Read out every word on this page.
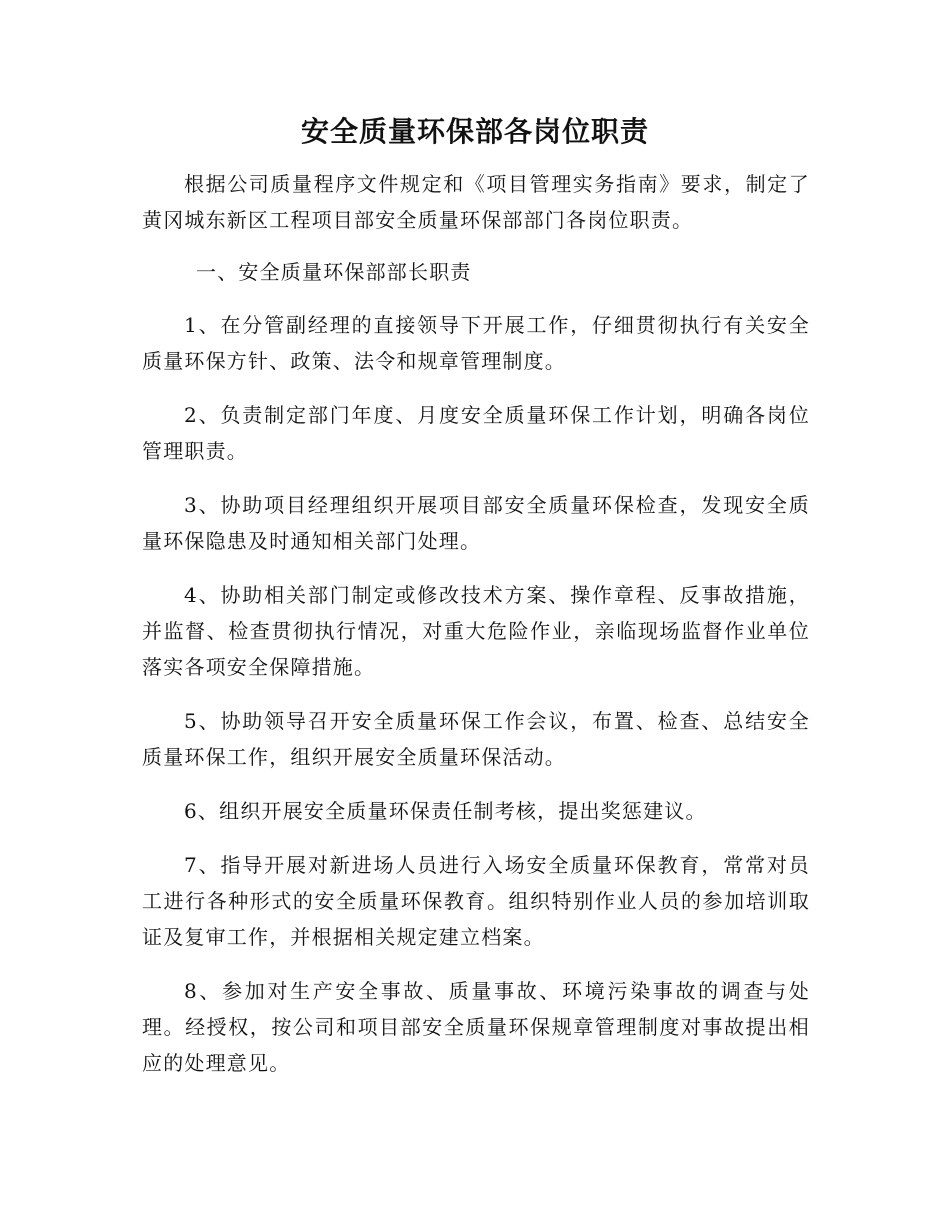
安全质量环保部各岗位职责

根据公司质量程序文件规定和《项目管理实务指南》要求，制定了黄冈城东新区工程项目部安全质量环保部部门各岗位职责。

一、安全质量环保部部长职责

1、在分管副经理的直接领导下开展工作，仔细贯彻执行有关安全质量环保方针、政策、法令和规章管理制度。

2、负责制定部门年度、月度安全质量环保工作计划，明确各岗位管理职责。

3、协助项目经理组织开展项目部安全质量环保检查，发现安全质量环保隐患及时通知相关部门处理。

4、协助相关部门制定或修改技术方案、操作章程、反事故措施，并监督、检查贯彻执行情况，对重大危险作业，亲临现场监督作业单位落实各项安全保障措施。

5、协助领导召开安全质量环保工作会议，布置、检查、总结安全质量环保工作，组织开展安全质量环保活动。

6、组织开展安全质量环保责任制考核，提出奖惩建议。

7、指导开展对新进场人员进行入场安全质量环保教育，常常对员工进行各种形式的安全质量环保教育。组织特别作业人员的参加培训取证及复审工作，并根据相关规定建立档案。

8、参加对生产安全事故、质量事故、环境污染事故的调查与处理。经授权，按公司和项目部安全质量环保规章管理制度对事故提出相应的处理意见。
